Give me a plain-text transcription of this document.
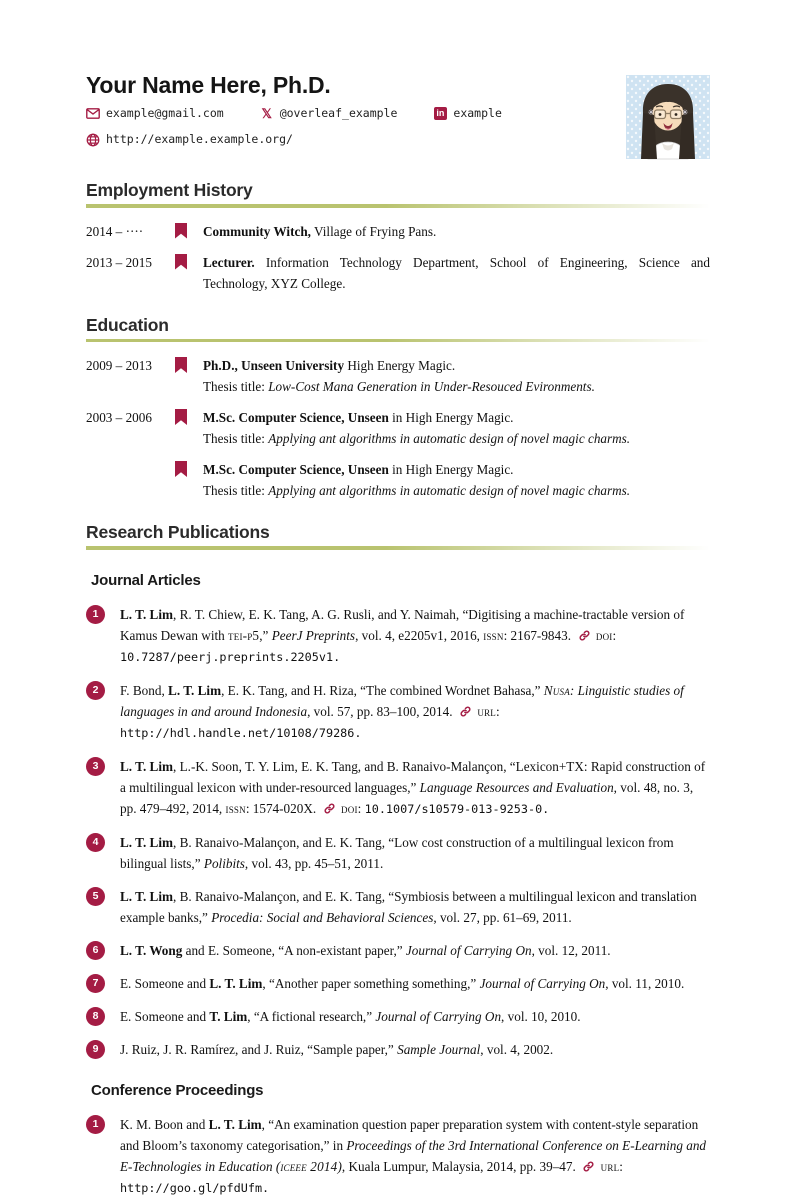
Your Name Here, Ph.D.
example@gmail.com	𝕏 @overleaf_example	in example
http://example.example.org/
✳	✳
Employment History
2014 – ····	Community Witch, Village of Frying Pans.
2013 – 2015	Lecturer. Information Technology Department, School of Engineering, Science and Technology, XYZ College.
Education
2009 – 2013	Ph.D., Unseen University High Energy Magic.
Thesis title: Low-Cost Mana Generation in Under-Resouced Evironments.
2003 – 2006	M.Sc. Computer Science, Unseen in High Energy Magic.
Thesis title: Applying ant algorithms in automatic design of novel magic charms.
M.Sc. Computer Science, Unseen in High Energy Magic.
Thesis title: Applying ant algorithms in automatic design of novel magic charms.
Research Publications
Journal Articles
1	L. T. Lim, R. T. Chiew, E. K. Tang, A. G. Rusli, and Y. Naimah, “Digitising a machine-tractable version of Kamus Dewan with tei-p5,” PeerJ Preprints, vol. 4, e2205v1, 2016, issn: 2167-9843.   doi: 10.7287/peerj.preprints.2205v1.
2	F. Bond, L. T. Lim, E. K. Tang, and H. Riza, “The combined Wordnet Bahasa,” Nusa: Linguistic studies of languages in and around Indonesia, vol. 57, pp. 83–100, 2014.   url: http://hdl.handle.net/10108/79286.
3	L. T. Lim, L.-K. Soon, T. Y. Lim, E. K. Tang, and B. Ranaivo-Malançon, “Lexicon+TX: Rapid construction of a multilingual lexicon with under-resourced languages,” Language Resources and Evaluation, vol. 48, no. 3, pp. 479–492, 2014, issn: 1574-020X.   doi: 10.1007/s10579-013-9253-0.
4	L. T. Lim, B. Ranaivo-Malançon, and E. K. Tang, “Low cost construction of a multilingual lexicon from bilingual lists,” Polibits, vol. 43, pp. 45–51, 2011.
5	L. T. Lim, B. Ranaivo-Malançon, and E. K. Tang, “Symbiosis between a multilingual lexicon and translation example banks,” Procedia: Social and Behavioral Sciences, vol. 27, pp. 61–69, 2011.
6	L. T. Wong and E. Someone, “A non-existant paper,” Journal of Carrying On, vol. 12, 2011.
7	E. Someone and L. T. Lim, “Another paper something something,” Journal of Carrying On, vol. 11, 2010.
8	E. Someone and T. Lim, “A fictional research,” Journal of Carrying On, vol. 10, 2010.
9	J. Ruiz, J. R. Ramírez, and J. Ruiz, “Sample paper,” Sample Journal, vol. 4, 2002.
Conference Proceedings
1	K. M. Boon and L. T. Lim, “An examination question paper preparation system with content-style separation and Bloom’s taxonomy categorisation,” in Proceedings of the 3rd International Conference on E-Learning and E-Technologies in Education (iceee 2014), Kuala Lumpur, Malaysia, 2014, pp. 39–47.   url: http://goo.gl/pfdUfm.
